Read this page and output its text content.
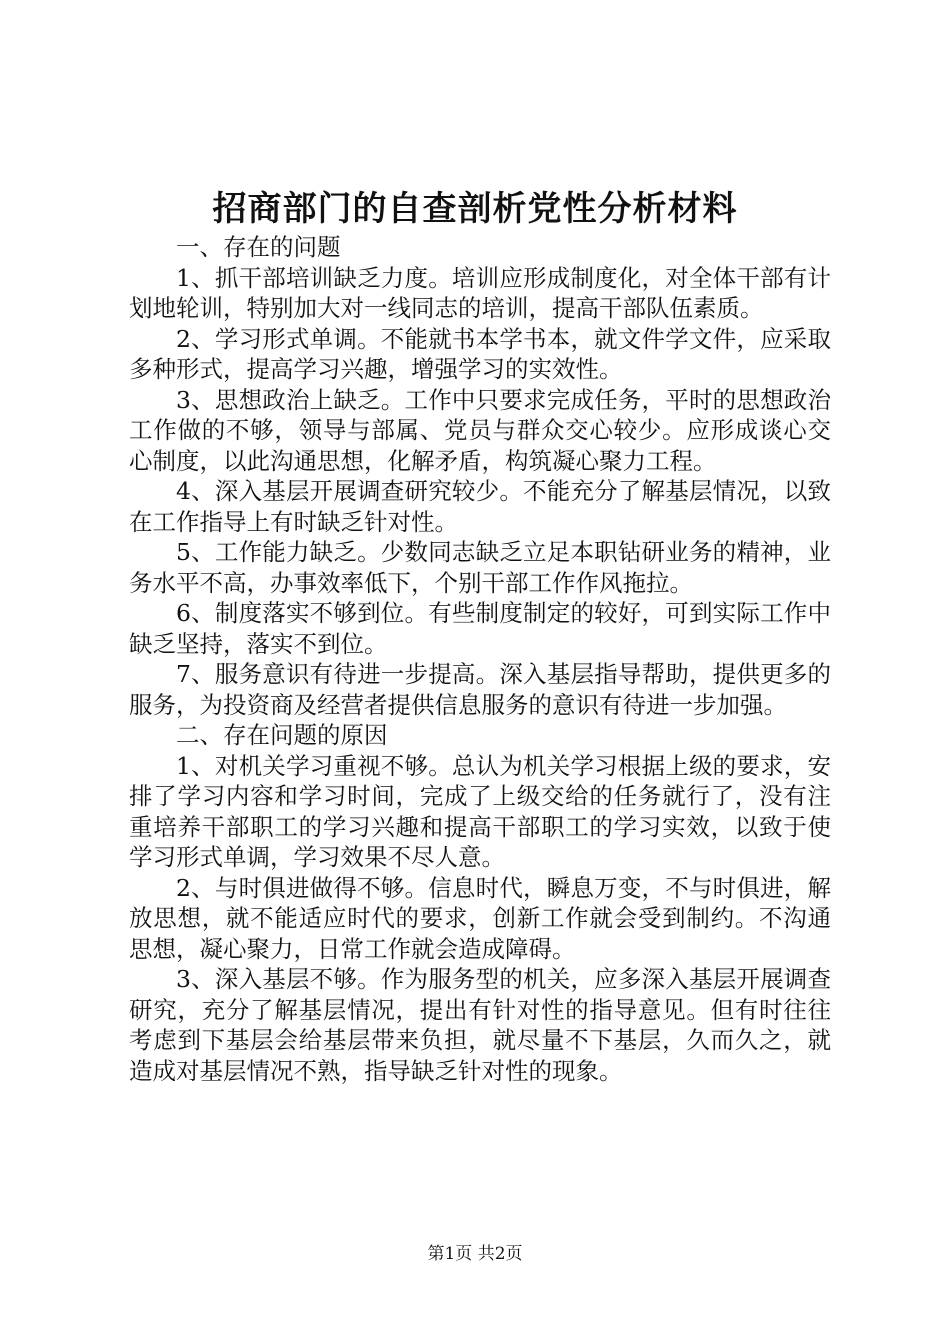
招商部门的自查剖析党性分析材料

一、存在的问题

1、抓干部培训缺乏力度。培训应形成制度化，对全体干部有计划地轮训，特别加大对一线同志的培训，提高干部队伍素质。

2、学习形式单调。不能就书本学书本，就文件学文件，应采取多种形式，提高学习兴趣，增强学习的实效性。

3、思想政治上缺乏。工作中只要求完成任务，平时的思想政治工作做的不够，领导与部属、党员与群众交心较少。应形成谈心交心制度，以此沟通思想，化解矛盾，构筑凝心聚力工程。

4、深入基层开展调查研究较少。不能充分了解基层情况，以致在工作指导上有时缺乏针对性。

5、工作能力缺乏。少数同志缺乏立足本职钻研业务的精神，业务水平不高，办事效率低下，个别干部工作作风拖拉。

6、制度落实不够到位。有些制度制定的较好，可到实际工作中缺乏坚持，落实不到位。

7、服务意识有待进一步提高。深入基层指导帮助，提供更多的服务，为投资商及经营者提供信息服务的意识有待进一步加强。

二、存在问题的原因

1、对机关学习重视不够。总认为机关学习根据上级的要求，安排了学习内容和学习时间，完成了上级交给的任务就行了，没有注重培养干部职工的学习兴趣和提高干部职工的学习实效，以致于使学习形式单调，学习效果不尽人意。

2、与时俱进做得不够。信息时代，瞬息万变，不与时俱进，解放思想，就不能适应时代的要求，创新工作就会受到制约。不沟通思想，凝心聚力，日常工作就会造成障碍。

3、深入基层不够。作为服务型的机关，应多深入基层开展调查研究，充分了解基层情况，提出有针对性的指导意见。但有时往往考虑到下基层会给基层带来负担，就尽量不下基层，久而久之，就造成对基层情况不熟，指导缺乏针对性的现象。

第1页 共2页
